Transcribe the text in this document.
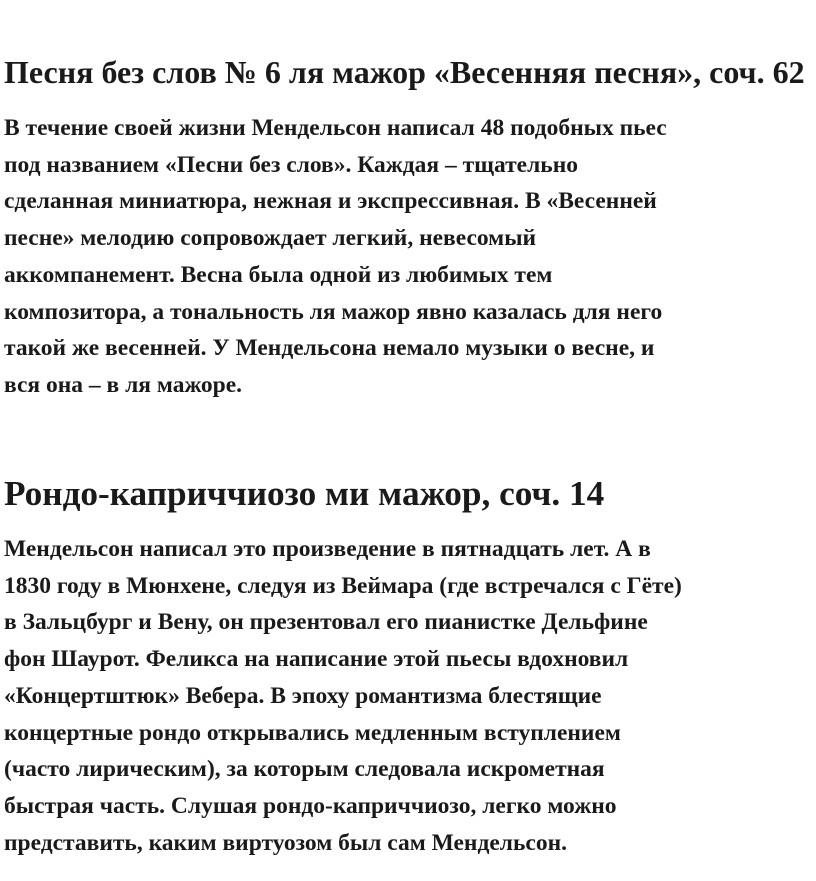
Песня без слов № 6 ля мажор «Весенняя песня», соч. 62

В течение своей жизни Мендельсон написал 48 подобных пьес
под названием «Песни без слов». Каждая – тщательно
сделанная миниатюра, нежная и экспрессивная. В «Весенней
песне» мелодию сопровождает легкий, невесомый
аккомпанемент. Весна была одной из любимых тем
композитора, а тональность ля мажор явно казалась для него
такой же весенней. У Мендельсона немало музыки о весне, и
вся она – в ля мажоре.

Рондо-каприччиозо ми мажор, соч. 14

Мендельсон написал это произведение в пятнадцать лет. А в
1830 году в Мюнхене, следуя из Веймара (где встречался с Гёте)
в Зальцбург и Вену, он презентовал его пианистке Дельфине
фон Шаурот. Феликса на написание этой пьесы вдохновил
«Концертштюк» Вебера. В эпоху романтизма блестящие
концертные рондо открывались медленным вступлением
(часто лирическим), за которым следовала искрометная
быстрая часть. Слушая рондо-каприччиозо, легко можно
представить, каким виртуозом был сам Мендельсон.
